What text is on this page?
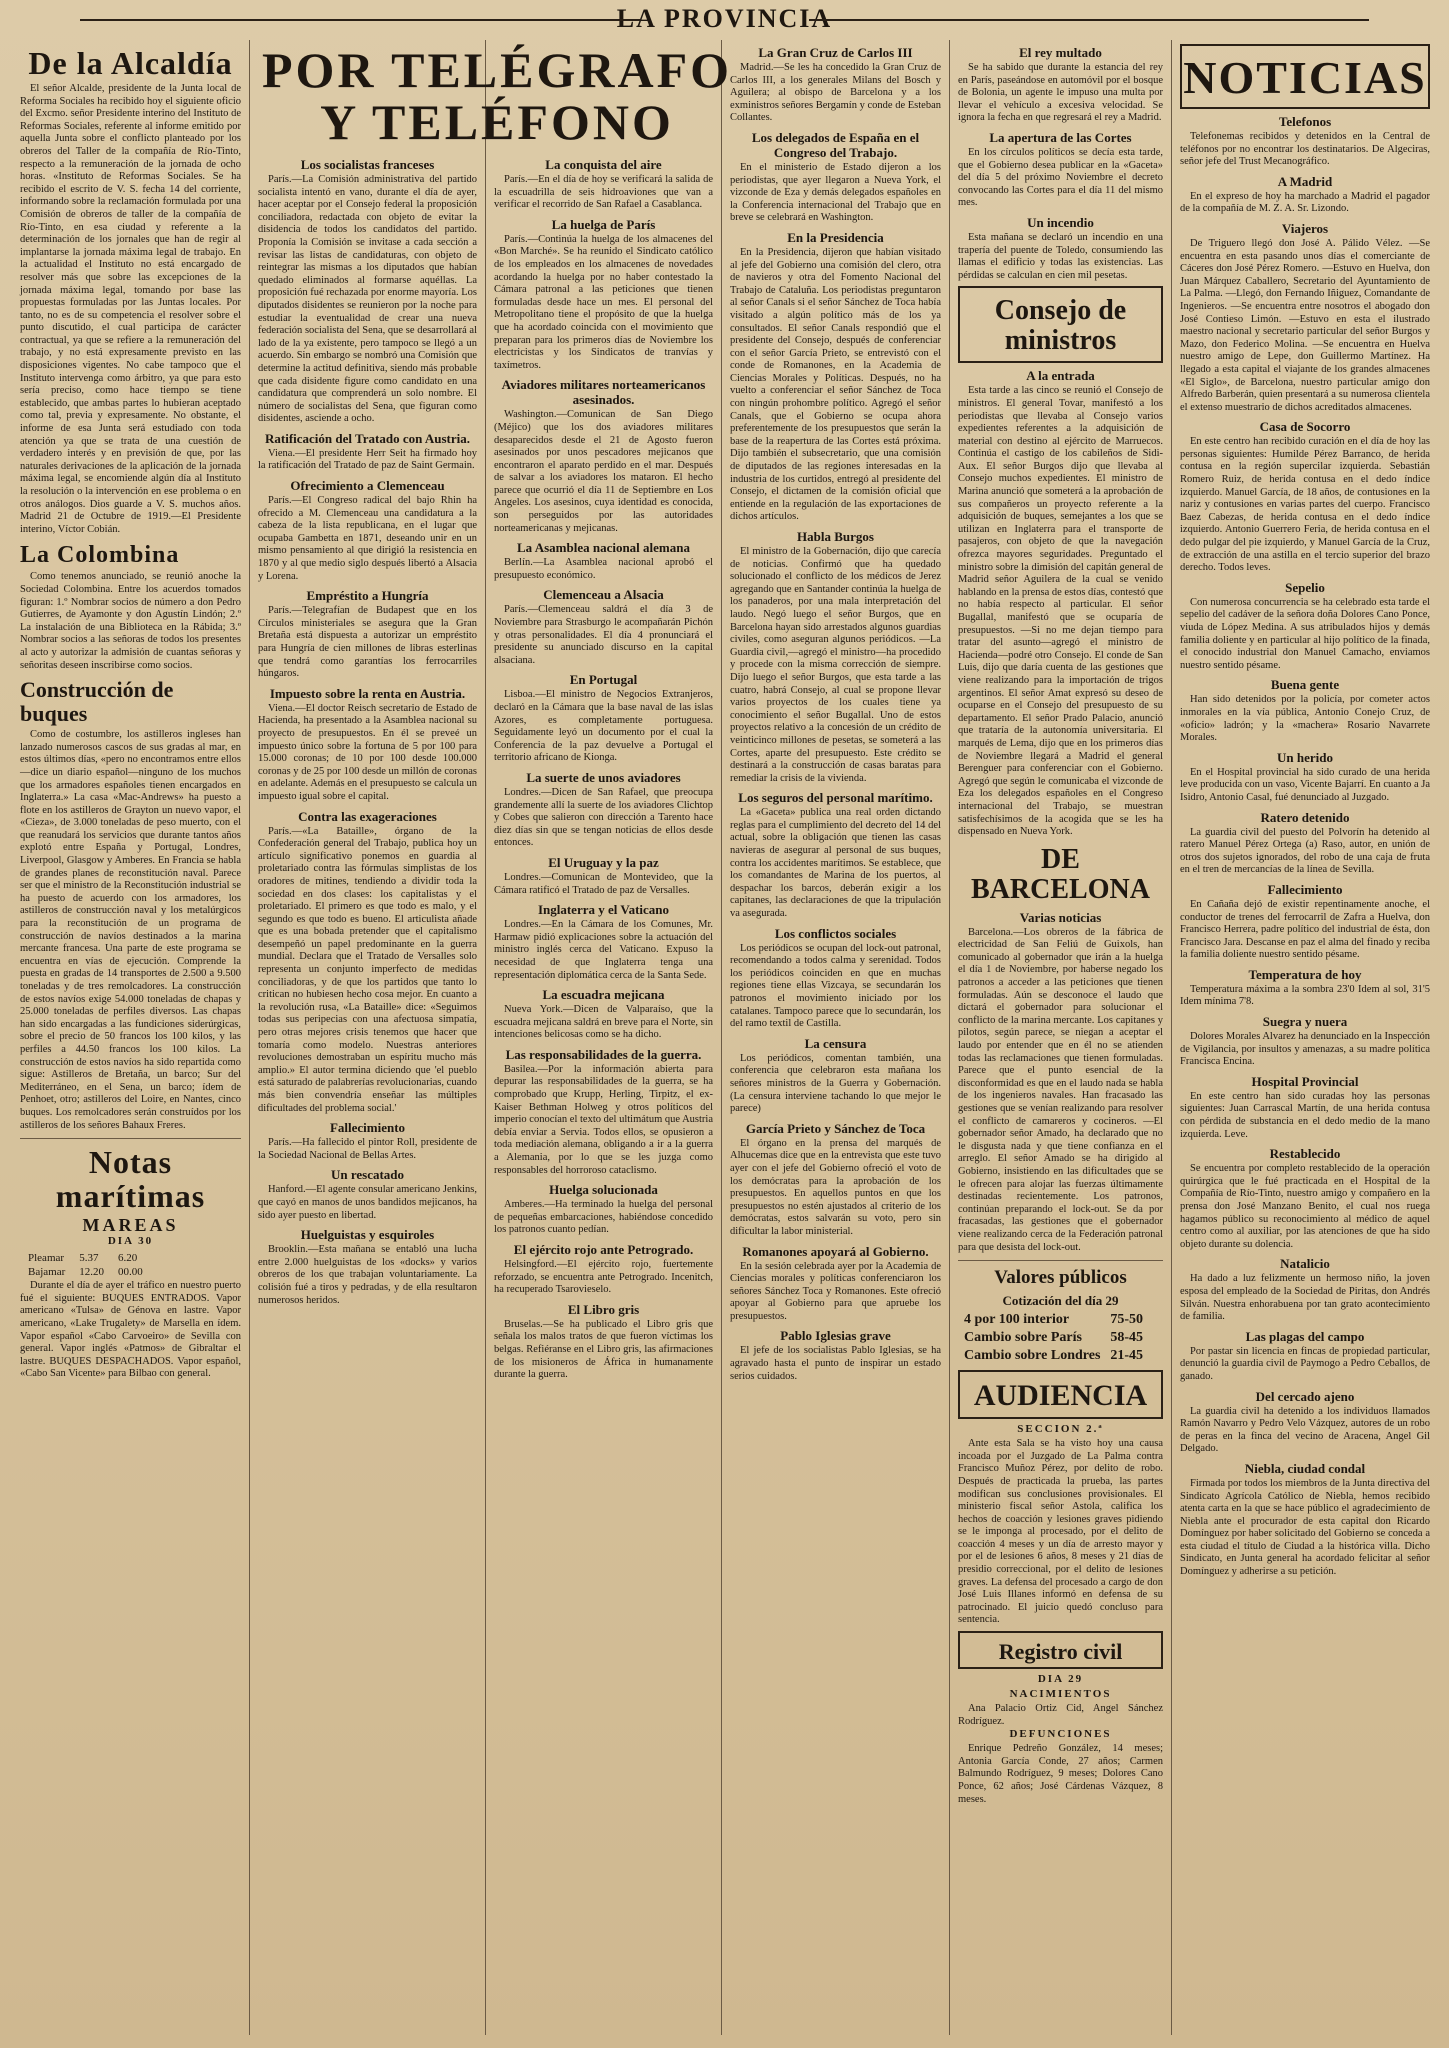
LA PROVINCIA
De la Alcaldía

El señor Alcalde, presidente de la Junta local de Reforma Sociales ha recibido hoy el siguiente oficio del Excmo. señor Presidente interino del Instituto de Reformas Sociales, referente al informe emitido por aquella Junta sobre el conflicto planteado por los obreros del Taller de la compañía de Río-Tinto, respecto a la remuneración de la jornada de ocho horas. «Instituto de Reformas Sociales. Se ha recibido el escrito de V. S. fecha 14 del corriente, informando sobre la reclamación formulada por una Comisión de obreros de taller de la compañía de Río-Tinto, en esa ciudad y referente a la determinación de los jornales que han de regir al implantarse la jornada máxima legal de trabajo. En la actualidad el Instituto no está encargado de resolver más que sobre las excepciones de la jornada máxima legal, tomando por base las propuestas formuladas por las Juntas locales. Por tanto, no es de su competencia el resolver sobre el punto discutido, el cual participa de carácter contractual, ya que se refiere a la remuneración del trabajo, y no está expresamente previsto en las disposiciones vigentes. No cabe tampoco que el Instituto intervenga como árbitro, ya que para esto sería preciso, como hace tiempo se tiene establecido, que ambas partes lo hubieran aceptado como tal, previa y expresamente. No obstante, el informe de esa Junta será estudiado con toda atención ya que se trata de una cuestión de verdadero interés y en previsión de que, por las naturales derivaciones de la aplicación de la jornada máxima legal, se encomiende algún día al Instituto la resolución o la intervención en ese problema o en otros análogos. Dios guarde a V. S. muchos años. Madrid 21 de Octubre de 1919.—El Presidente interino, Víctor Cobián.

La Colombina

Como tenemos anunciado, se reunió anoche la Sociedad Colombina. Entre los acuerdos tomados figuran: 1.º Nombrar socios de número a don Pedro Gutierres, de Ayamonte y don Agustín Lindón; 2.º La instalación de una Biblioteca en la Rábida; 3.º Nombrar socios a las señoras de todos los presentes al acto y autorizar la admisión de cuantas señoras y señoritas deseen inscribirse como socios.

Construcción de buques

Como de costumbre, los astilleros ingleses han lanzado numerosos cascos de sus gradas al mar, en estos últimos días, «pero no encontramos entre ellos—dice un diario español—ninguno de los muchos que los armadores españoles tienen encargados en Inglaterra.» La casa «Mac-Andrews» ha puesto a flote en los astilleros de Grayton un nuevo vapor, el «Cieza», de 3.000 toneladas de peso muerto, con el que reanudará los servicios que durante tantos años explotó entre España y Portugal, Londres, Liverpool, Glasgow y Amberes. En Francia se habla de grandes planes de reconstitución naval. Parece ser que el ministro de la Reconstitución industrial se ha puesto de acuerdo con los armadores, los astilleros de construcción naval y los metalúrgicos para la reconstitución de un programa de construcción de navíos destinados a la marina mercante francesa. Una parte de este programa se encuentra en vías de ejecución. Comprende la puesta en gradas de 14 transportes de 2.500 a 9.500 toneladas y de tres remolcadores. La construcción de estos navíos exige 54.000 toneladas de chapas y 25.000 toneladas de perfiles diversos. Las chapas han sido encargadas a las fundiciones siderúrgicas, sobre el precio de 50 francos los 100 kilos, y las perfiles a 44.50 francos los 100 kilos. La construcción de estos navíos ha sido repartida como sigue: Astilleros de Bretaña, un barco; Sur del Mediterráneo, en el Sena, un barco; ídem de Penhoet, otro; astilleros del Loire, en Nantes, cinco buques. Los remolcadores serán construídos por los astilleros de los señores Bahaux Freres.

Notas marítimas
MAREAS
DIA 30
Pleamar	5.37	6.20
Bajamar	12.20	00.00

Durante el día de ayer el tráfico en nuestro puerto fué el siguiente: BUQUES ENTRADOS. Vapor americano «Tulsa» de Génova en lastre. Vapor americano, «Lake Trugalety» de Marsella en ídem. Vapor español «Cabo Carvoeiro» de Sevilla con general. Vapor inglés «Patmos» de Gibraltar el lastre. BUQUES DESPACHADOS. Vapor español, «Cabo San Vicente» para Bilbao con general.

Los socialistas franceses

París.—La Comisión administrativa del partido socialista intentó en vano, durante el día de ayer, hacer aceptar por el Consejo federal la proposición conciliadora, redactada con objeto de evitar la disidencia de todos los candidatos del partido. Proponía la Comisión se invitase a cada sección a revisar las listas de candidaturas, con objeto de reintegrar las mismas a los diputados que habían quedado eliminados al formarse aquéllas. La proposición fué rechazada por enorme mayoría. Los diputados disidentes se reunieron por la noche para estudiar la eventualidad de crear una nueva federación socialista del Sena, que se desarrollará al lado de la ya existente, pero tampoco se llegó a un acuerdo. Sin embargo se nombró una Comisión que determine la actitud definitiva, siendo más probable que cada disidente figure como candidato en una candidatura que comprenderá un solo nombre. El número de socialistas del Sena, que figuran como disidentes, asciende a ocho.

Ratificación del Tratado con Austria.

Viena.—El presidente Herr Seit ha firmado hoy la ratificación del Tratado de paz de Saint Germain.

Ofrecimiento a Clemenceau

París.—El Congreso radical del bajo Rhin ha ofrecido a M. Clemenceau una candidatura a la cabeza de la lista republicana, en el lugar que ocupaba Gambetta en 1871, deseando unir en un mismo pensamiento al que dirigió la resistencia en 1870 y al que medio siglo después libertó a Alsacia y Lorena.

Empréstito a Hungría

París.—Telegrafían de Budapest que en los Círculos ministeriales se asegura que la Gran Bretaña está dispuesta a autorizar un empréstito para Hungría de cien millones de libras esterlinas que tendrá como garantías los ferrocarriles húngaros.

Impuesto sobre la renta en Austria.

Viena.—El doctor Reisch secretario de Estado de Hacienda, ha presentado a la Asamblea nacional su proyecto de presupuestos. En él se preveé un impuesto único sobre la fortuna de 5 por 100 para 15.000 coronas; de 10 por 100 desde 100.000 coronas y de 25 por 100 desde un millón de coronas en adelante. Además en el presupuesto se calcula un impuesto igual sobre el capital.

Contra las exageraciones

París.—«La Bataille», órgano de la Confederación general del Trabajo, publica hoy un artículo significativo ponemos en guardia al proletariado contra las fórmulas simplistas de los oradores de mitines, tendiendo a dividir toda la sociedad en dos clases: los capitalistas y el proletariado. El primero es que todo es malo, y el segundo es que todo es bueno. El articulista añade que es una bobada pretender que el capitalismo desempeñó un papel predominante en la guerra mundial. Declara que el Tratado de Versalles solo representa un conjunto imperfecto de medidas conciliadoras, y de que los partidos que tanto lo critican no hubiesen hecho cosa mejor. En cuanto a la revolución rusa, «La Bataille» dice: «Seguimos todas sus peripecias con una afectuosa simpatía, pero otras mejores crisis tenemos que hacer que tomaría como modelo. Nuestras anteriores revoluciones demostraban un espíritu mucho más amplio.» El autor termina diciendo que 'el pueblo está saturado de palabrerías revolucionarias, cuando más bien convendría enseñar las múltiples dificultades del problema social.'

Fallecimiento

París.—Ha fallecido el pintor Roll, presidente de la Sociedad Nacional de Bellas Artes.

Un rescatado

Hanford.—El agente consular americano Jenkins, que cayó en manos de unos bandidos mejicanos, ha sido ayer puesto en libertad.

Huelguistas y esquiroles

Brooklin.—Esta mañana se entabló una lucha entre 2.000 huelguistas de los «docks» y varios obreros de los que trabajan voluntariamente. La colisión fué a tiros y pedradas, y de ella resultaron numerosos heridos.

La conquista del aire

París.—En el día de hoy se verificará la salida de la escuadrilla de seis hidroaviones que van a verificar el recorrido de San Rafael a Casablanca.

La huelga de París

París.—Continúa la huelga de los almacenes del «Bon Marché». Se ha reunido el Sindicato católico de los empleados en los almacenes de novedades acordando la huelga por no haber contestado la Cámara patronal a las peticiones que tienen formuladas desde hace un mes. El personal del Metropolitano tiene el propósito de que la huelga que ha acordado coincida con el movimiento que preparan para los primeros días de Noviembre los electricistas y los Sindicatos de tranvías y taxímetros.

Aviadores militares norteamericanos asesinados.

Washington.—Comunican de San Diego (Méjico) que los dos aviadores militares desaparecidos desde el 21 de Agosto fueron asesinados por unos pescadores mejicanos que encontraron el aparato perdido en el mar. Después de salvar a los aviadores los mataron. El hecho parece que ocurrió el día 11 de Septiembre en Los Angeles. Los asesinos, cuya identidad es conocida, son perseguidos por las autoridades norteamericanas y mejicanas.

La Asamblea nacional alemana

Berlín.—La Asamblea nacional aprobó el presupuesto económico.

Clemenceau a Alsacia

París.—Clemenceau saldrá el día 3 de Noviembre para Strasburgo le acompañarán Pichón y otras personalidades. El día 4 pronunciará el presidente su anunciado discurso en la capital alsaciana.

En Portugal

Lisboa.—El ministro de Negocios Extranjeros, declaró en la Cámara que la base naval de las islas Azores, es completamente portuguesa. Seguidamente leyó un documento por el cual la Conferencia de la paz devuelve a Portugal el territorio africano de Kionga.

La suerte de unos aviadores

Londres.—Dicen de San Rafael, que preocupa grandemente allí la suerte de los aviadores Clichtop y Cobes que salieron con dirección a Tarento hace diez días sin que se tengan noticias de ellos desde entonces.

El Uruguay y la paz

Londres.—Comunican de Montevideo, que la Cámara ratificó el Tratado de paz de Versalles.

Inglaterra y el Vaticano

Londres.—En la Cámara de los Comunes, Mr. Harmaw pidió explicaciones sobre la actuación del ministro inglés cerca del Vaticano. Expuso la necesidad de que Inglaterra tenga una representación diplomática cerca de la Santa Sede.

La escuadra mejicana

Nueva York.—Dicen de Valparaíso, que la escuadra mejicana saldrá en breve para el Norte, sin intenciones belicosas como se ha dicho.

Las responsabilidades de la guerra.

Basilea.—Por la información abierta para depurar las responsabilidades de la guerra, se ha comprobado que Krupp, Herling, Tirpitz, el ex-Kaiser Bethman Holweg y otros políticos del imperio conocían el texto del ultimátum que Austria debía enviar a Servia. Todos ellos, se opusieron a toda mediación alemana, obligando a ir a la guerra a Alemania, por lo que se les juzga como responsables del horroroso cataclismo.

Huelga solucionada

Amberes.—Ha terminado la huelga del personal de pequeñas embarcaciones, habiéndose concedido los patronos cuanto pedían.

El ejército rojo ante Petrogrado.

Helsingford.—El ejército rojo, fuertemente reforzado, se encuentra ante Petrogrado. Incenitch, ha recuperado Tsarovieselo.

El Libro gris

Bruselas.—Se ha publicado el Libro gris que señala los malos tratos de que fueron víctimas los belgas. Refiéranse en el Libro gris, las afirmaciones de los misioneros de África in humanamente durante la guerra.

POR TELÉGRAFO
Y TELÉFONO
La Gran Cruz de Carlos III

Madrid.—Se les ha concedido la Gran Cruz de Carlos III, a los generales Milans del Bosch y Aguilera; al obispo de Barcelona y a los exministros señores Bergamín y conde de Esteban Collantes.

Los delegados de España en el Congreso del Trabajo.

En el ministerio de Estado dijeron a los periodistas, que ayer llegaron a Nueva York, el vizconde de Eza y demás delegados españoles en la Conferencia internacional del Trabajo que en breve se celebrará en Washington.

En la Presidencia

En la Presidencia, dijeron que habían visitado al jefe del Gobierno una comisión del clero, otra de navieros y otra del Fomento Nacional del Trabajo de Cataluña. Los periodistas preguntaron al señor Canals si el señor Sánchez de Toca había visitado a algún político más de los ya consultados. El señor Canals respondió que el presidente del Consejo, después de conferenciar con el señor García Prieto, se entrevistó con el conde de Romanones, en la Academia de Ciencias Morales y Políticas. Después, no ha vuelto a conferenciar el señor Sánchez de Toca con ningún prohombre político. Agregó el señor Canals, que el Gobierno se ocupa ahora preferentemente de los presupuestos que serán la base de la reapertura de las Cortes está próxima. Dijo también el subsecretario, que una comisión de diputados de las regiones interesadas en la industria de los curtidos, entregó al presidente del Consejo, el dictamen de la comisión oficial que entiende en la regulación de las exportaciones de dichos artículos.

Habla Burgos

El ministro de la Gobernación, dijo que carecía de noticias. Confirmó que ha quedado solucionado el conflicto de los médicos de Jerez agregando que en Santander continúa la huelga de los panaderos, por una mala interpretación del laudo. Negó luego el señor Burgos, que en Barcelona hayan sido arrestados algunos guardias civiles, como aseguran algunos periódicos. —La Guardia civil,—agregó el ministro—ha procedido y procede con la misma corrección de siempre. Dijo luego el señor Burgos, que esta tarde a las cuatro, habrá Consejo, al cual se propone llevar varios proyectos de los cuales tiene ya conocimiento el señor Bugallal. Uno de estos proyectos relativo a la concesión de un crédito de veinticinco millones de pesetas, se someterá a las Cortes, aparte del presupuesto. Este crédito se destinará a la construcción de casas baratas para remediar la crisis de la vivienda.

Los seguros del personal marítimo.

La «Gaceta» publica una real orden dictando reglas para el cumplimiento del decreto del 14 del actual, sobre la obligación que tienen las casas navieras de asegurar al personal de sus buques, contra los accidentes marítimos. Se establece, que los comandantes de Marina de los puertos, al despachar los barcos, deberán exigir a los capitanes, las declaraciones de que la tripulación va asegurada.

Los conflictos sociales

Los periódicos se ocupan del lock-out patronal, recomendando a todos calma y serenidad. Todos los periódicos coinciden en que en muchas regiones tiene ellas Vizcaya, se secundarán los patronos el movimiento iniciado por los catalanes. Tampoco parece que lo secundarán, los del ramo textil de Castilla.

La censura

Los periódicos, comentan también, una conferencia que celebraron esta mañana los señores ministros de la Guerra y Gobernación. (La censura interviene tachando lo que mejor le parece)

García Prieto y Sánchez de Toca

El órgano en la prensa del marqués de Alhucemas dice que en la entrevista que este tuvo ayer con el jefe del Gobierno ofreció el voto de los demócratas para la aprobación de los presupuestos. En aquellos puntos en que los presupuestos no estén ajustados al criterio de los demócratas, estos salvarán su voto, pero sin dificultar la labor ministerial.

Romanones apoyará al Gobierno.

En la sesión celebrada ayer por la Academia de Ciencias morales y políticas conferenciaron los señores Sánchez Toca y Romanones. Este ofreció apoyar al Gobierno para que apruebe los presupuestos.

Pablo Iglesias grave

El jefe de los socialistas Pablo Iglesias, se ha agravado hasta el punto de inspirar un estado serios cuidados.

El rey multado

Se ha sabido que durante la estancia del rey en París, paseándose en automóvil por el bosque de Bolonia, un agente le impuso una multa por llevar el vehículo a excesiva velocidad. Se ignora la fecha en que regresará el rey a Madrid.

La apertura de las Cortes

En los círculos políticos se decía esta tarde, que el Gobierno desea publicar en la «Gaceta» del día 5 del próximo Noviembre el decreto convocando las Cortes para el día 11 del mismo mes.

Un incendio

Esta mañana se declaró un incendio en una trapería del puente de Toledo, consumiendo las llamas el edificio y todas las existencias. Las pérdidas se calculan en cien mil pesetas.

Consejo de ministros
A la entrada

Esta tarde a las cinco se reunió el Consejo de ministros. El general Tovar, manifestó a los periodistas que llevaba al Consejo varios expedientes referentes a la adquisición de material con destino al ejército de Marruecos. Continúa el castigo de los cabileños de Sidi-Aux. El señor Burgos dijo que llevaba al Consejo muchos expedientes. El ministro de Marina anunció que someterá a la aprobación de sus compañeros un proyecto referente a la adquisición de buques, semejantes a los que se utilizan en Inglaterra para el transporte de pasajeros, con objeto de que la navegación ofrezca mayores seguridades. Preguntado el ministro sobre la dimisión del capitán general de Madrid señor Aguilera de la cual se venido hablando en la prensa de estos días, contestó que no había respecto al particular. El señor Bugallal, manifestó que se ocuparía de presupuestos. —Si no me dejan tiempo para tratar del asunto—agregó el ministro de Hacienda—podré otro Consejo. El conde de San Luis, dijo que daría cuenta de las gestiones que viene realizando para la importación de trigos argentinos. El señor Amat expresó su deseo de ocuparse en el Consejo del presupuesto de su departamento. El señor Prado Palacio, anunció que trataría de la autonomía universitaria. El marqués de Lema, dijo que en los primeros días de Noviembre llegará a Madrid el general Berenguer para conferenciar con el Gobierno. Agregó que según le comunicaba el vizconde de Eza los delegados españoles en el Congreso internacional del Trabajo, se muestran satisfechísimos de la acogida que se les ha dispensado en Nueva York.

DE BARCELONA
Varias noticias

Barcelona.—Los obreros de la fábrica de electricidad de San Feliú de Guixols, han comunicado al gobernador que irán a la huelga el día 1 de Noviembre, por haberse negado los patronos a acceder a las peticiones que tienen formuladas. Aún se desconoce el laudo que dictará el gobernador para solucionar el conflicto de la marina mercante. Los capitanes y pilotos, según parece, se niegan a aceptar el laudo por entender que en él no se atienden todas las reclamaciones que tienen formuladas. Parece que el punto esencial de la disconformidad es que en el laudo nada se habla de los ingenieros navales. Han fracasado las gestiones que se venían realizando para resolver el conflicto de camareros y cocineros. —El gobernador señor Amado, ha declarado que no le disgusta nada y que tiene confianza en el arreglo. El señor Amado se ha dirigido al Gobierno, insistiendo en las dificultades que se le ofrecen para alojar las fuerzas últimamente destinadas recientemente. Los patronos, continúan preparando el lock-out. Se da por fracasadas, las gestiones que el gobernador viene realizando cerca de la Federación patronal para que desista del lock-out.

Valores públicos
Cotización del día 29
4 por 100 interior	75-50
Cambio sobre París	58-45
Cambio sobre Londres	21-45
AUDIENCIA
SECCION 2.ª

Ante esta Sala se ha visto hoy una causa incoada por el Juzgado de La Palma contra Francisco Muñoz Pérez, por delito de robo. Después de practicada la prueba, las partes modifican sus conclusiones provisionales. El ministerio fiscal señor Astola, califica los hechos de coacción y lesiones graves pidiendo se le imponga al procesado, por el delito de coacción 4 meses y un día de arresto mayor y por el de lesiones 6 años, 8 meses y 21 días de presidio correccional, por el delito de lesiones graves. La defensa del procesado a cargo de don José Luis Illanes informó en defensa de su patrocinado. El juicio quedó concluso para sentencia.

Registro civil
DIA 29
NACIMIENTOS

Ana Palacio Ortiz Cid, Angel Sánchez Rodríguez.

DEFUNCIONES

Enrique Pedreño González, 14 meses; Antonia García Conde, 27 años; Carmen Balmundo Rodríguez, 9 meses; Dolores Cano Ponce, 62 años; José Cárdenas Vázquez, 8 meses.

NOTICIAS
Telefonos

Telefonemas recibidos y detenidos en la Central de teléfonos por no encontrar los destinatarios. De Algeciras, señor jefe del Trust Mecanográfico.

A Madrid

En el expreso de hoy ha marchado a Madrid el pagador de la compañía de M. Z. A. Sr. Lizondo.

Viajeros

De Triguero llegó don José A. Pálido Vélez. —Se encuentra en esta pasando unos días el comerciante de Cáceres don José Pérez Romero. —Estuvo en Huelva, don Juan Márquez Caballero, Secretario del Ayuntamiento de La Palma. —Llegó, don Fernando Iñiguez, Comandante de Ingenieros. —Se encuentra entre nosotros el abogado don José Contieso Limón. —Estuvo en esta el ilustrado maestro nacional y secretario particular del señor Burgos y Mazo, don Federico Molina. —Se encuentra en Huelva nuestro amigo de Lepe, don Guillermo Martínez. Ha llegado a esta capital el viajante de los grandes almacenes «El Siglo», de Barcelona, nuestro particular amigo don Alfredo Barberán, quien presentará a su numerosa clientela el extenso muestrario de dichos acreditados almacenes.

Casa de Socorro

En este centro han recibido curación en el día de hoy las personas siguientes: Humilde Pérez Barranco, de herida contusa en la región supercilar izquierda. Sebastián Romero Ruiz, de herida contusa en el dedo índice izquierdo. Manuel García, de 18 años, de contusiones en la nariz y contusiones en varias partes del cuerpo. Francisco Baez Cabezas, de herida contusa en el dedo índice izquierdo. Antonio Guerrero Feria, de herida contusa en el dedo pulgar del pie izquierdo, y Manuel García de la Cruz, de extracción de una astilla en el tercio superior del brazo derecho. Todos leves.

Sepelio

Con numerosa concurrencia se ha celebrado esta tarde el sepelio del cadáver de la señora doña Dolores Cano Ponce, viuda de López Medina. A sus atribulados hijos y demás familia doliente y en particular al hijo político de la finada, el conocido industrial don Manuel Camacho, enviamos nuestro sentido pésame.

Buena gente

Han sido detenidos por la policía, por cometer actos inmorales en la vía pública, Antonio Conejo Cruz, de «oficio» ladrón; y la «machera» Rosario Navarrete Morales.

Un herido

En el Hospital provincial ha sido curado de una herida leve producida con un vaso, Vicente Bajarrí. En cuanto a Ja Isidro, Antonio Casal, fué denunciado al Juzgado.

Ratero detenido

La guardia civil del puesto del Polvorín ha detenido al ratero Manuel Pérez Ortega (a) Raso, autor, en unión de otros dos sujetos ignorados, del robo de una caja de fruta en el tren de mercancías de la línea de Sevilla.

Fallecimiento

En Cañaña dejó de existir repentinamente anoche, el conductor de trenes del ferrocarril de Zafra a Huelva, don Francisco Herrera, padre político del industrial de ésta, don Francisco Jara. Descanse en paz el alma del finado y reciba la familia doliente nuestro sentido pésame.

Temperatura de hoy

Temperatura máxima a la sombra 23'0 Idem al sol, 31'5 Idem mínima 7'8.

Suegra y nuera

Dolores Morales Alvarez ha denunciado en la Inspección de Vigilancia, por insultos y amenazas, a su madre política Francisca Encina.

Hospital Provincial

En este centro han sido curadas hoy las personas siguientes: Juan Carrascal Martín, de una herida contusa con pérdida de substancia en el dedo medio de la mano izquierda. Leve.

Restablecido

Se encuentra por completo restablecido de la operación quirúrgica que le fué practicada en el Hospital de la Compañía de Río-Tinto, nuestro amigo y compañero en la prensa don José Manzano Benito, el cual nos ruega hagamos público su reconocimiento al médico de aquel centro como al auxiliar, por las atenciones de que ha sido objeto durante su dolencia.

Natalicio

Ha dado a luz felizmente un hermoso niño, la joven esposa del empleado de la Sociedad de Piritas, don Andrés Silván. Nuestra enhorabuena por tan grato acontecimiento de familia.

Las plagas del campo

Por pastar sin licencia en fincas de propiedad particular, denunció la guardia civil de Paymogo a Pedro Ceballos, de ganado.

Del cercado ajeno

La guardia civil ha detenido a los individuos llamados Ramón Navarro y Pedro Velo Vázquez, autores de un robo de peras en la finca del vecino de Aracena, Angel Gil Delgado.

Niebla, ciudad condal

Firmada por todos los miembros de la Junta directiva del Sindicato Agrícola Católico de Niebla, hemos recibido atenta carta en la que se hace público el agradecimiento de Niebla ante el procurador de esta capital don Ricardo Domínguez por haber solicitado del Gobierno se conceda a esta ciudad el título de Ciudad a la histórica villa. Dicho Sindicato, en Junta general ha acordado felicitar al señor Domínguez y adherirse a su petición.
